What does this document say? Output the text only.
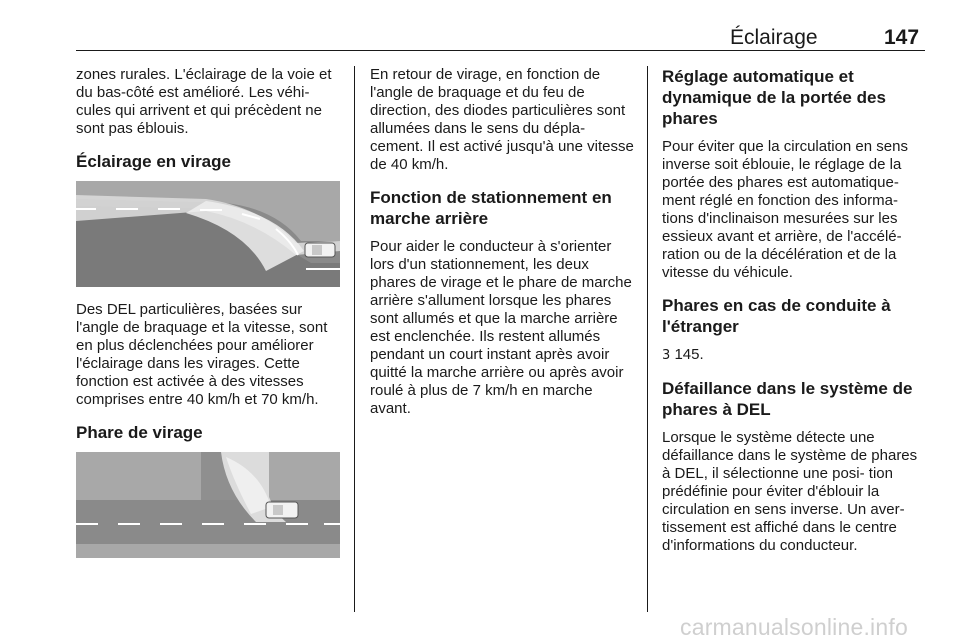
Éclairage	147

zones rurales. L'éclairage de la voie et du bas-côté est amélioré. Les véhi- cules qui arrivent et qui précèdent ne sont pas éblouis.

Éclairage en virage

Des DEL particulières, basées sur l'angle de braquage et la vitesse, sont en plus déclenchées pour améliorer l'éclairage dans les virages. Cette fonction est activée à des vitesses comprises entre 40 km/h et 70 km/h.

Phare de virage

En retour de virage, en fonction de l'angle de braquage et du feu de direction, des diodes particulières sont allumées dans le sens du dépla- cement. Il est activé jusqu'à une vitesse de 40 km/h.

Fonction de stationnement en marche arrière

Pour aider le conducteur à s'orienter lors d'un stationnement, les deux phares de virage et le phare de marche arrière s'allument lorsque les phares sont allumés et que la marche arrière est enclenchée. Ils restent allumés pendant un court instant après avoir quitté la marche arrière ou après avoir roulé à plus de 7 km/h en marche avant.

Réglage automatique et dynamique de la portée des phares

Pour éviter que la circulation en sens inverse soit éblouie, le réglage de la portée des phares est automatique- ment réglé en fonction des informa- tions d'inclinaison mesurées sur les essieux avant et arrière, de l'accélé- ration ou de la décélération et de la vitesse du véhicule.

Phares en cas de conduite à l'étranger

3 145.

Défaillance dans le système de phares à DEL

Lorsque le système détecte une défaillance dans le système de phares à DEL, il sélectionne une posi- tion prédéfinie pour éviter d'éblouir la circulation en sens inverse. Un aver- tissement est affiché dans le centre d'informations du conducteur.

carmanualsonline.info
